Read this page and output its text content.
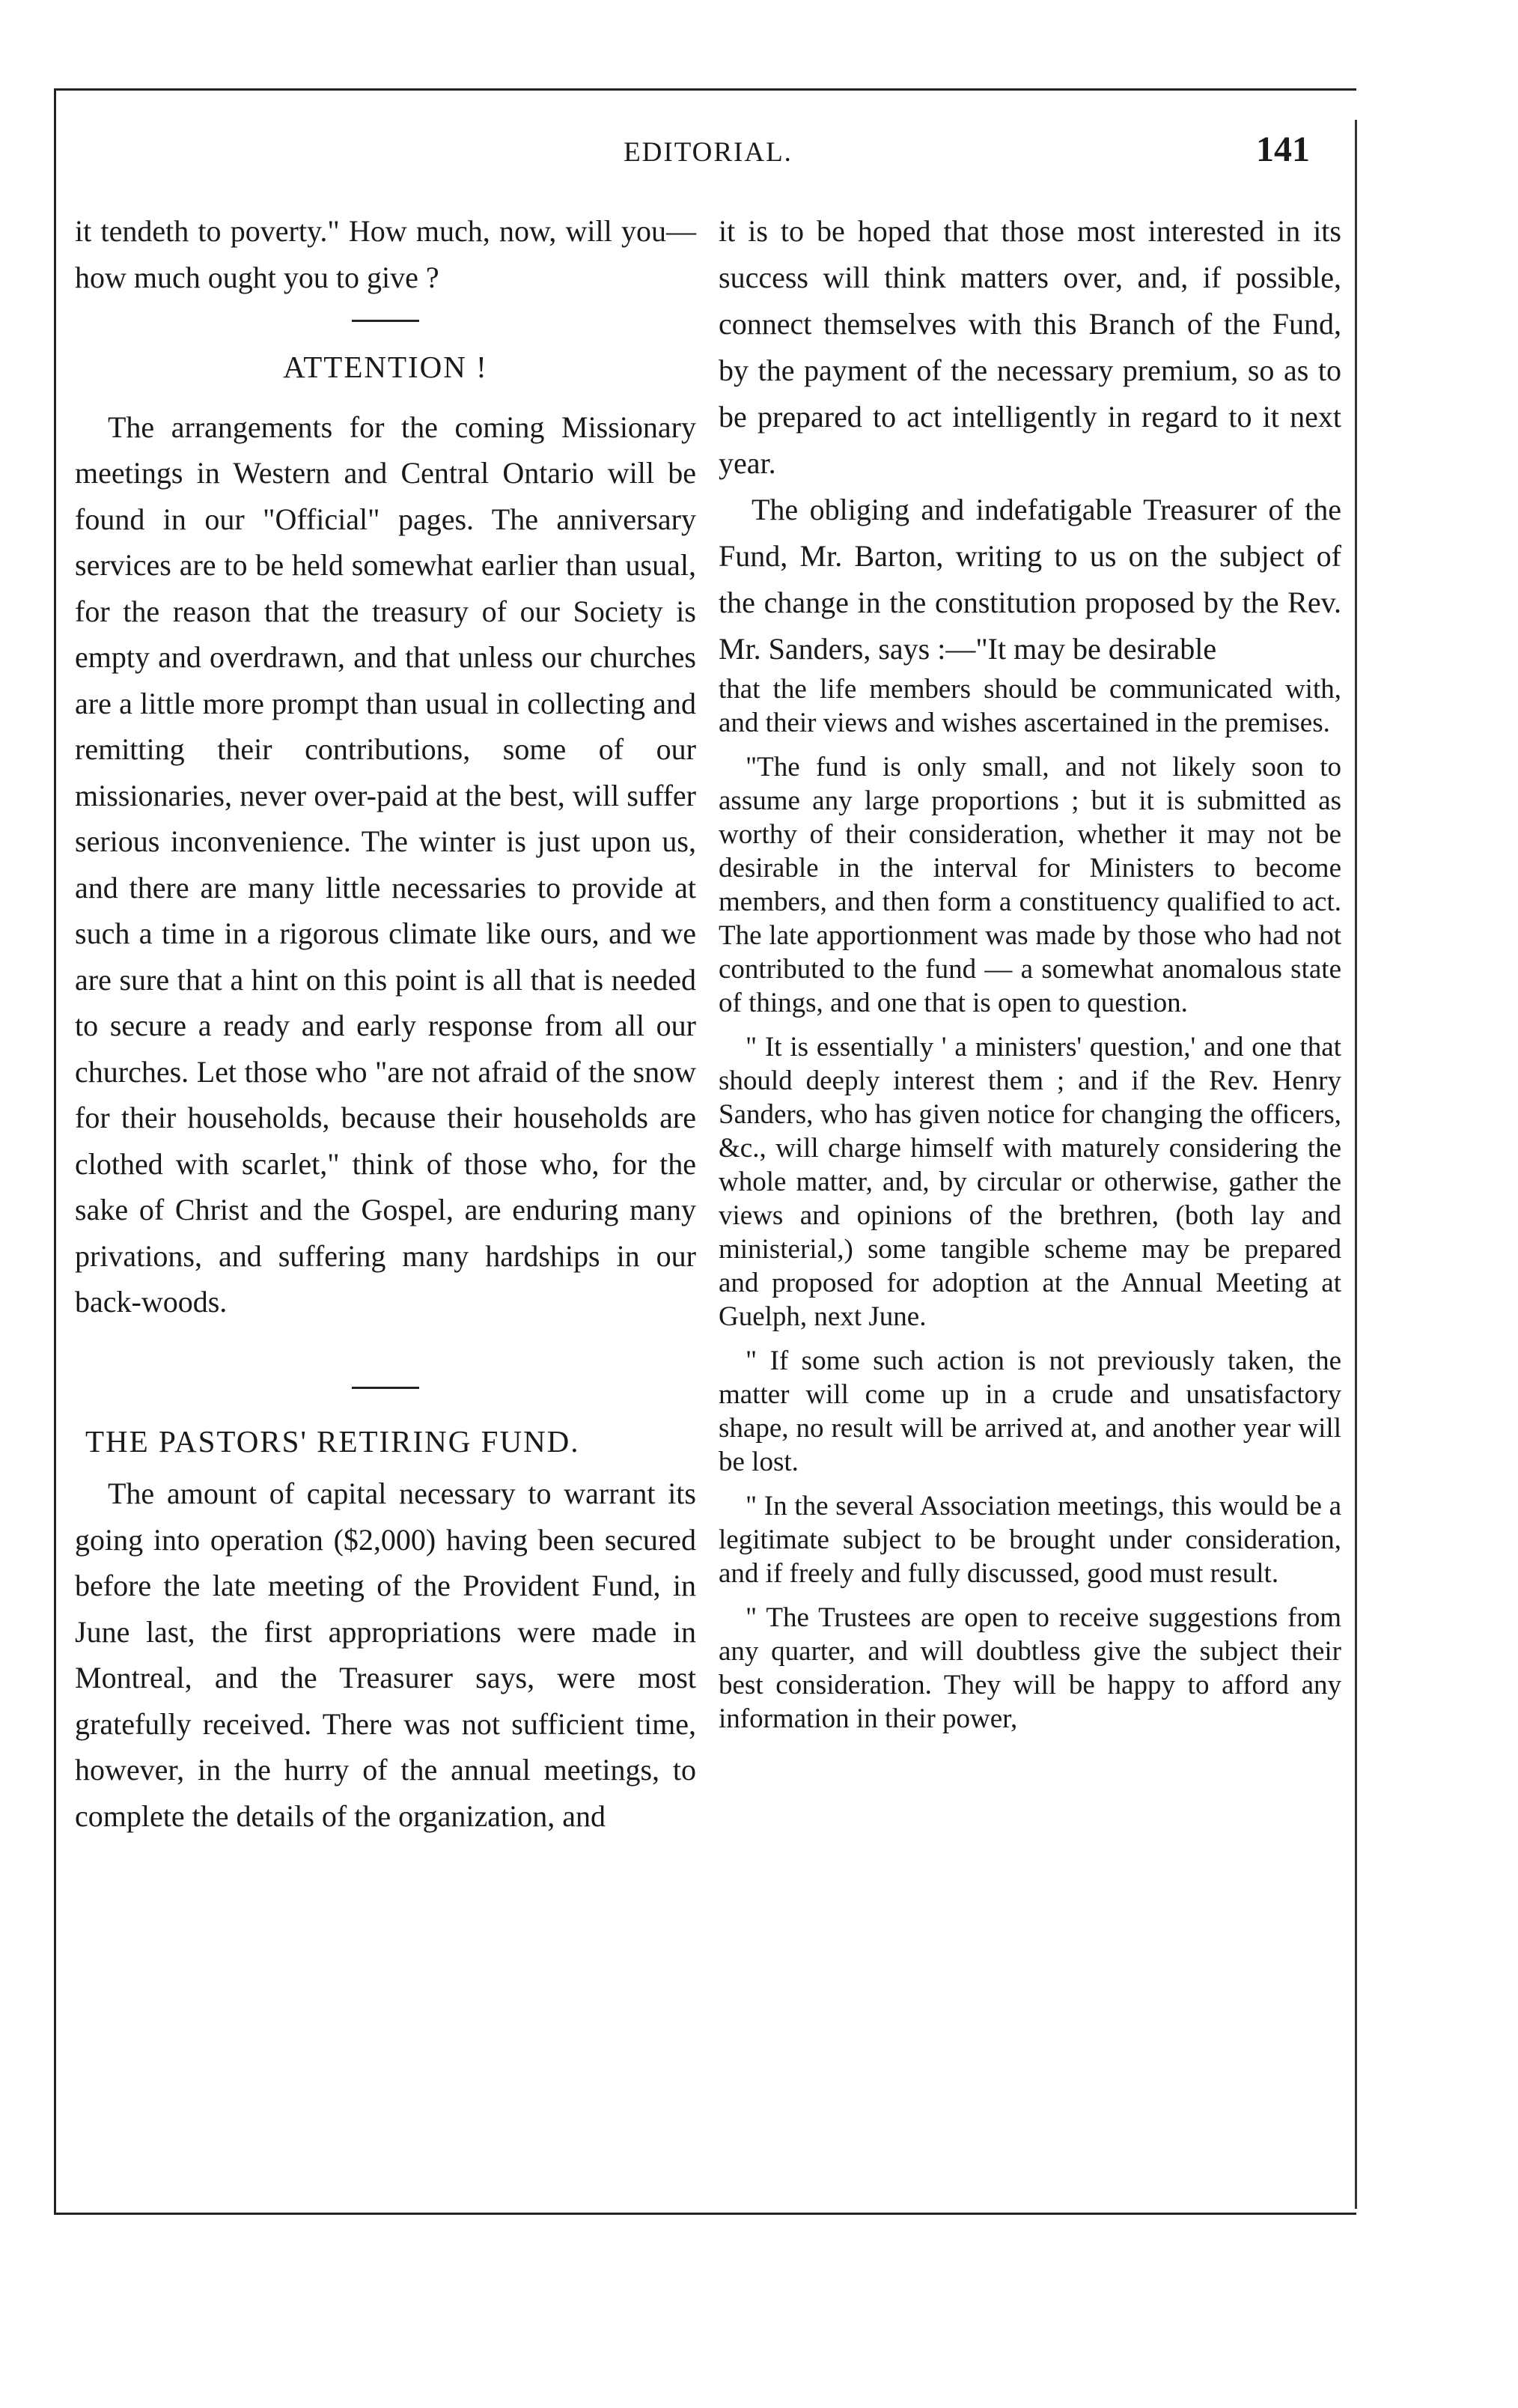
EDITORIAL.	141

it tendeth to poverty." How much, now, will you—how much ought you to give ?

ATTENTION !

The arrangements for the coming Missionary meetings in Western and Central Ontario will be found in our "Official" pages. The anniversary services are to be held somewhat earlier than usual, for the reason that the treasury of our Society is empty and overdrawn, and that unless our churches are a little more prompt than usual in collecting and remitting their contributions, some of our missionaries, never over-paid at the best, will suffer serious inconvenience. The winter is just upon us, and there are many little necessaries to provide at such a time in a rigorous climate like ours, and we are sure that a hint on this point is all that is needed to secure a ready and early response from all our churches. Let those who "are not afraid of the snow for their households, because their households are clothed with scarlet," think of those who, for the sake of Christ and the Gospel, are enduring many privations, and suffering many hardships in our back-woods.

THE PASTORS' RETIRING FUND.

The amount of capital necessary to warrant its going into operation ($2,000) having been secured before the late meeting of the Provident Fund, in June last, the first appropriations were made in Montreal, and the Treasurer says, were most gratefully received. There was not sufficient time, however, in the hurry of the annual meetings, to complete the details of the organization, and

it is to be hoped that those most interested in its success will think matters over, and, if possible, connect themselves with this Branch of the Fund, by the payment of the necessary premium, so as to be prepared to act intelligently in regard to it next year.

The obliging and indefatigable Treasurer of the Fund, Mr. Barton, writing to us on the subject of the change in the constitution proposed by the Rev. Mr. Sanders, says :—"It may be desirable

that the life members should be communicated with, and their views and wishes ascertained in the premises.

"The fund is only small, and not likely soon to assume any large proportions ; but it is submitted as worthy of their consideration, whether it may not be desirable in the interval for Ministers to become members, and then form a constituency qualified to act. The late apportionment was made by those who had not contributed to the fund — a somewhat anomalous state of things, and one that is open to question.

" It is essentially ' a ministers' question,' and one that should deeply interest them ; and if the Rev. Henry Sanders, who has given notice for changing the officers, &c., will charge himself with maturely considering the whole matter, and, by circular or otherwise, gather the views and opinions of the brethren, (both lay and ministerial,) some tangible scheme may be prepared and proposed for adoption at the Annual Meeting at Guelph, next June.

" If some such action is not previously taken, the matter will come up in a crude and unsatisfactory shape, no result will be arrived at, and another year will be lost.

" In the several Association meetings, this would be a legitimate subject to be brought under consideration, and if freely and fully discussed, good must result.

" The Trustees are open to receive suggestions from any quarter, and will doubtless give the subject their best consideration. They will be happy to afford any information in their power,
